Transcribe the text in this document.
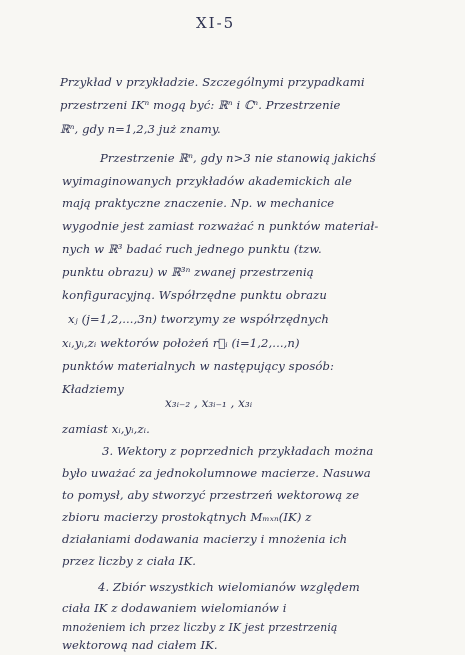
XI-5
Przykład v przykładzie. Szczególnymi przypadkami
przestrzeni IKⁿ mogą być: ℝⁿ i ℂⁿ. Przestrzenie
ℝⁿ, gdy n=1,2,3 już znamy.
Przestrzenie ℝⁿ, gdy n>3 nie stanowią jakichś
wyimaginowanych przykładów akademickich ale
mają praktyczne znaczenie. Np. w mechanice
wygodnie jest zamiast rozważać n punktów materiał-
nych w ℝ³ badać ruch jednego punktu (tzw.
punktu obrazu) w ℝ³ⁿ zwanej przestrzenią
konfiguracyjną. Współrzędne punktu obrazu
xⱼ (j=1,2,...,3n) tworzymy ze współrzędnych
xᵢ,yᵢ,zᵢ wektorów położeń r⃗ᵢ (i=1,2,...,n)
punktów materialnych w następujący sposób:
Kładziemy
x₃ᵢ₋₂ , x₃ᵢ₋₁ , x₃ᵢ
zamiast xᵢ,yᵢ,zᵢ.
3. Wektory z poprzednich przykładach można
było uważać za jednokolumnowe macierze. Nasuwa
to pomysł, aby stworzyć przestrzeń wektorową ze
zbioru macierzy prostokątnych Mₘₓₙ(IK) z
działaniami dodawania macierzy i mnożenia ich
przez liczby z ciała IK.
4. Zbiór wszystkich wielomianów względem
ciała IK z dodawaniem wielomianów i
mnożeniem ich przez liczby z IK jest przestrzenią
wektorową nad ciałem IK.
